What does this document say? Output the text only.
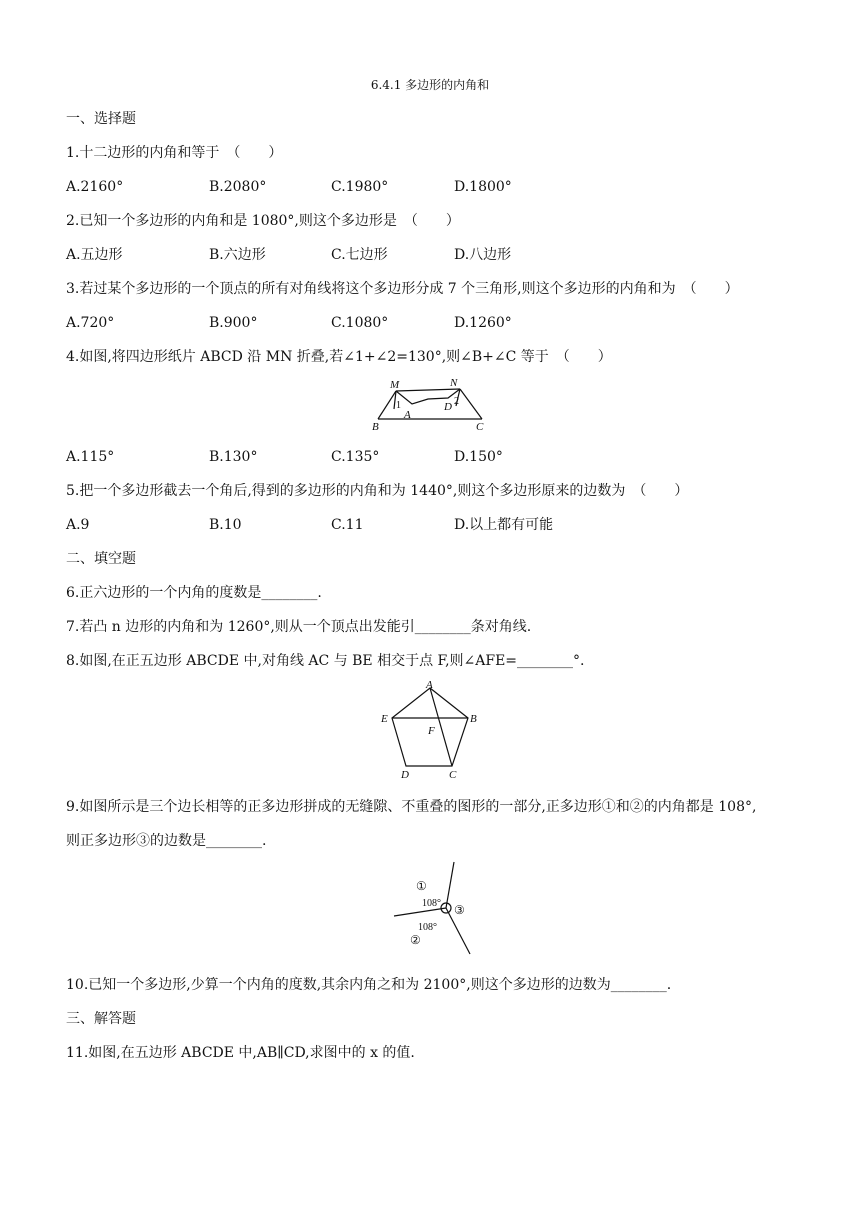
6.4.1 多边形的内角和
一、选择题
1.十二边形的内角和等于　（　　）
A.2160°	B.2080°	C.1980°	D.1800°
2.已知一个多边形的内角和是 1080°,则这个多边形是　（　　）
A.五边形	B.六边形	C.七边形	D.八边形
3.若过某个多边形的一个顶点的所有对角线将这个多边形分成 7 个三角形,则这个多边形的内角和为　（　　）
A.720°	B.900°	C.1080°	D.1260°
4.如图,将四边形纸片 ABCD 沿 MN 折叠,若∠1+∠2=130°,则∠B+∠C 等于　（　　）
M	N
A
D
B	C
1	2
A.115°	B.130°	C.135°	D.150°
5.把一个多边形截去一个角后,得到的多边形的内角和为 1440°,则这个多边形原来的边数为　（　　）
A.9	B.10	C.11	D.以上都有可能
二、填空题
6.正六边形的一个内角的度数是________.
7.若凸 n 边形的内角和为 1260°,则从一个顶点出发能引________条对角线.
8.如图,在正五边形 ABCDE 中,对角线 AC 与 BE 相交于点 F,则∠AFE=________°.
A
B
C
D
E
F
9.如图所示是三个边长相等的正多边形拼成的无缝隙、不重叠的图形的一部分,正多边形①和②的内角都是 108°,
则正多边形③的边数是________.
①
③
②
108°
108°
10.已知一个多边形,少算一个内角的度数,其余内角之和为 2100°,则这个多边形的边数为________.
三、解答题
11.如图,在五边形 ABCDE 中,AB∥CD,求图中的 x 的值.
